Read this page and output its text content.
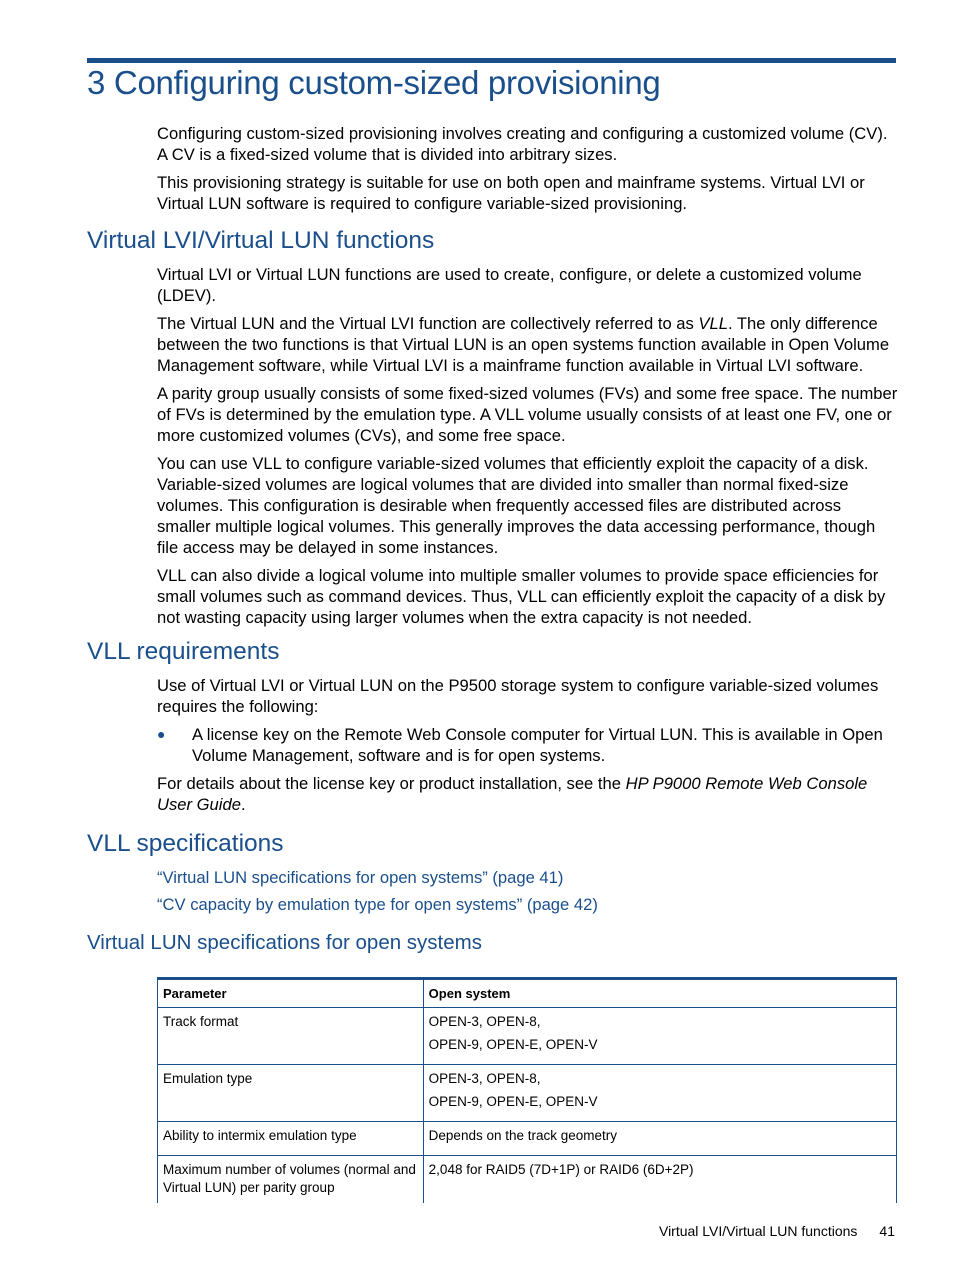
3 Configuring custom-sized provisioning

Configuring custom-sized provisioning involves creating and configuring a customized volume (CV). A CV is a fixed-sized volume that is divided into arbitrary sizes.

This provisioning strategy is suitable for use on both open and mainframe systems. Virtual LVI or Virtual LUN software is required to configure variable-sized provisioning.

Virtual LVI/Virtual LUN functions

Virtual LVI or Virtual LUN functions are used to create, configure, or delete a customized volume (LDEV).

The Virtual LUN and the Virtual LVI function are collectively referred to as VLL. The only difference between the two functions is that Virtual LUN is an open systems function available in Open Volume Management software, while Virtual LVI is a mainframe function available in Virtual LVI software.

A parity group usually consists of some fixed-sized volumes (FVs) and some free space. The number of FVs is determined by the emulation type. A VLL volume usually consists of at least one FV, one or more customized volumes (CVs), and some free space.

You can use VLL to configure variable-sized volumes that efficiently exploit the capacity of a disk. Variable-sized volumes are logical volumes that are divided into smaller than normal fixed-size volumes. This configuration is desirable when frequently accessed files are distributed across smaller multiple logical volumes. This generally improves the data accessing performance, though file access may be delayed in some instances.

VLL can also divide a logical volume into multiple smaller volumes to provide space efficiencies for small volumes such as command devices. Thus, VLL can efficiently exploit the capacity of a disk by not wasting capacity using larger volumes when the extra capacity is not needed.

VLL requirements

Use of Virtual LVI or Virtual LUN on the P9500 storage system to configure variable-sized volumes requires the following:

●	A license key on the Remote Web Console computer for Virtual LUN. This is available in Open Volume Management, software and is for open systems.

For details about the license key or product installation, see the HP P9000 Remote Web Console User Guide.

VLL specifications
“Virtual LUN specifications for open systems” (page 41)
“CV capacity by emulation type for open systems” (page 42)
Virtual LUN specifications for open systems
Parameter	Open system
Track format	OPEN-3, OPEN-8,
OPEN-9, OPEN-E, OPEN-V

Emulation type	OPEN-3, OPEN-8,
OPEN-9, OPEN-E, OPEN-V

Ability to intermix emulation type	Depends on the track geometry

Maximum number of volumes (normal and Virtual LUN) per parity group	2,048 for RAID5 (7D+1P) or RAID6 (6D+2P)
Virtual LVI/Virtual LUN functions 41
